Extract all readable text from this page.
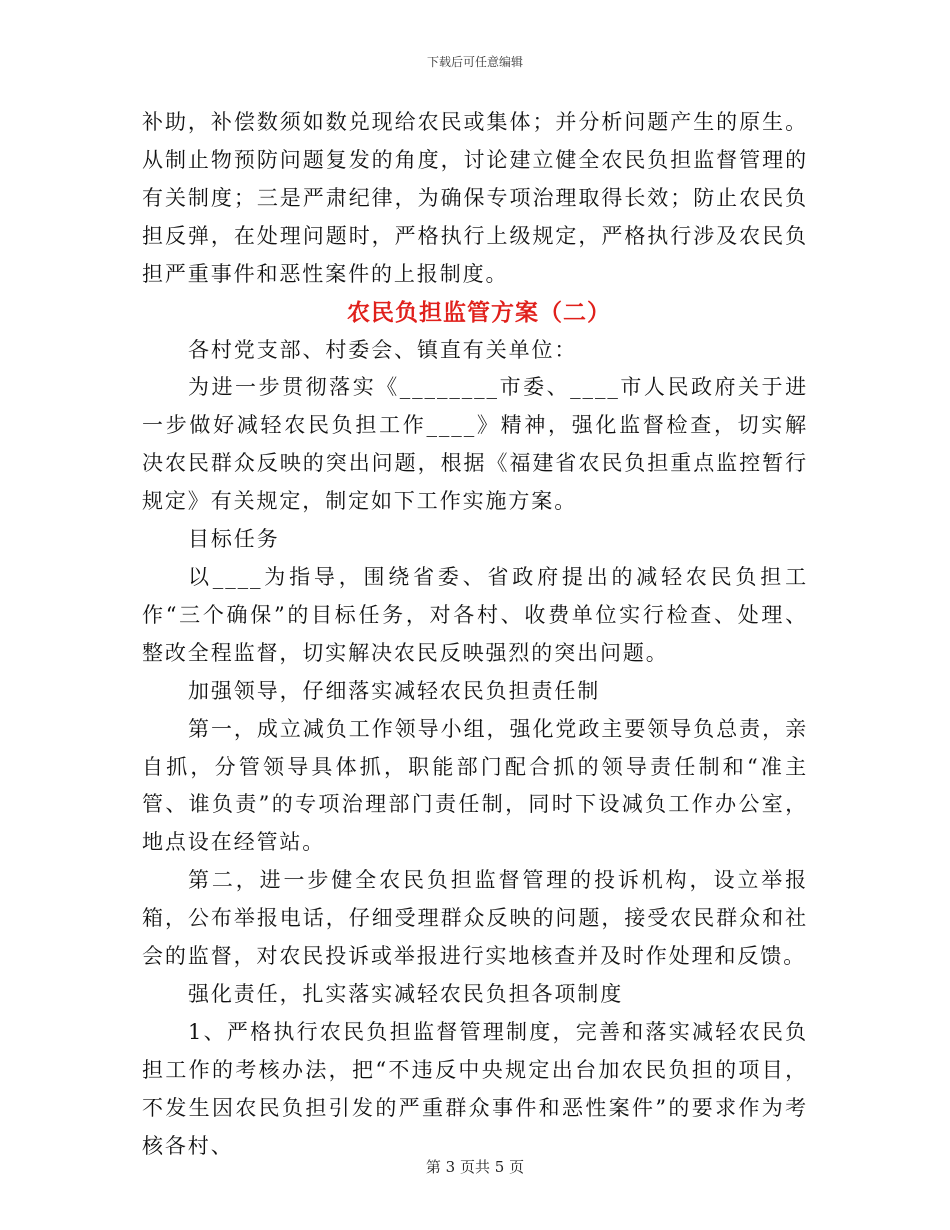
下载后可任意编辑

补助，补偿数须如数兑现给农民或集体；并分析问题产生的原生。从制止物预防问题复发的角度，讨论建立健全农民负担监督管理的有关制度；三是严肃纪律，为确保专项治理取得长效；防止农民负担反弹，在处理问题时，严格执行上级规定，严格执行涉及农民负担严重事件和恶性案件的上报制度。

农民负担监管方案（二）

各村党支部、村委会、镇直有关单位：

为进一步贯彻落实《________市委、____市人民政府关于进一步做好减轻农民负担工作____》精神，强化监督检查，切实解决农民群众反映的突出问题，根据《福建省农民负担重点监控暂行规定》有关规定，制定如下工作实施方案。

目标任务

以____为指导，围绕省委、省政府提出的减轻农民负担工作“三个确保”的目标任务，对各村、收费单位实行检查、处理、整改全程监督，切实解决农民反映强烈的突出问题。

加强领导，仔细落实减轻农民负担责任制

第一，成立减负工作领导小组，强化党政主要领导负总责，亲自抓，分管领导具体抓，职能部门配合抓的领导责任制和“准主管、谁负责”的专项治理部门责任制，同时下设减负工作办公室，地点设在经管站。

第二，进一步健全农民负担监督管理的投诉机构，设立举报箱，公布举报电话，仔细受理群众反映的问题，接受农民群众和社会的监督，对农民投诉或举报进行实地核查并及时作处理和反馈。

强化责任，扎实落实减轻农民负担各项制度

1、严格执行农民负担监督管理制度，完善和落实减轻农民负担工作的考核办法，把“不违反中央规定出台加农民负担的项目，不发生因农民负担引发的严重群众事件和恶性案件”的要求作为考核各村、

第 3 页共 5 页
